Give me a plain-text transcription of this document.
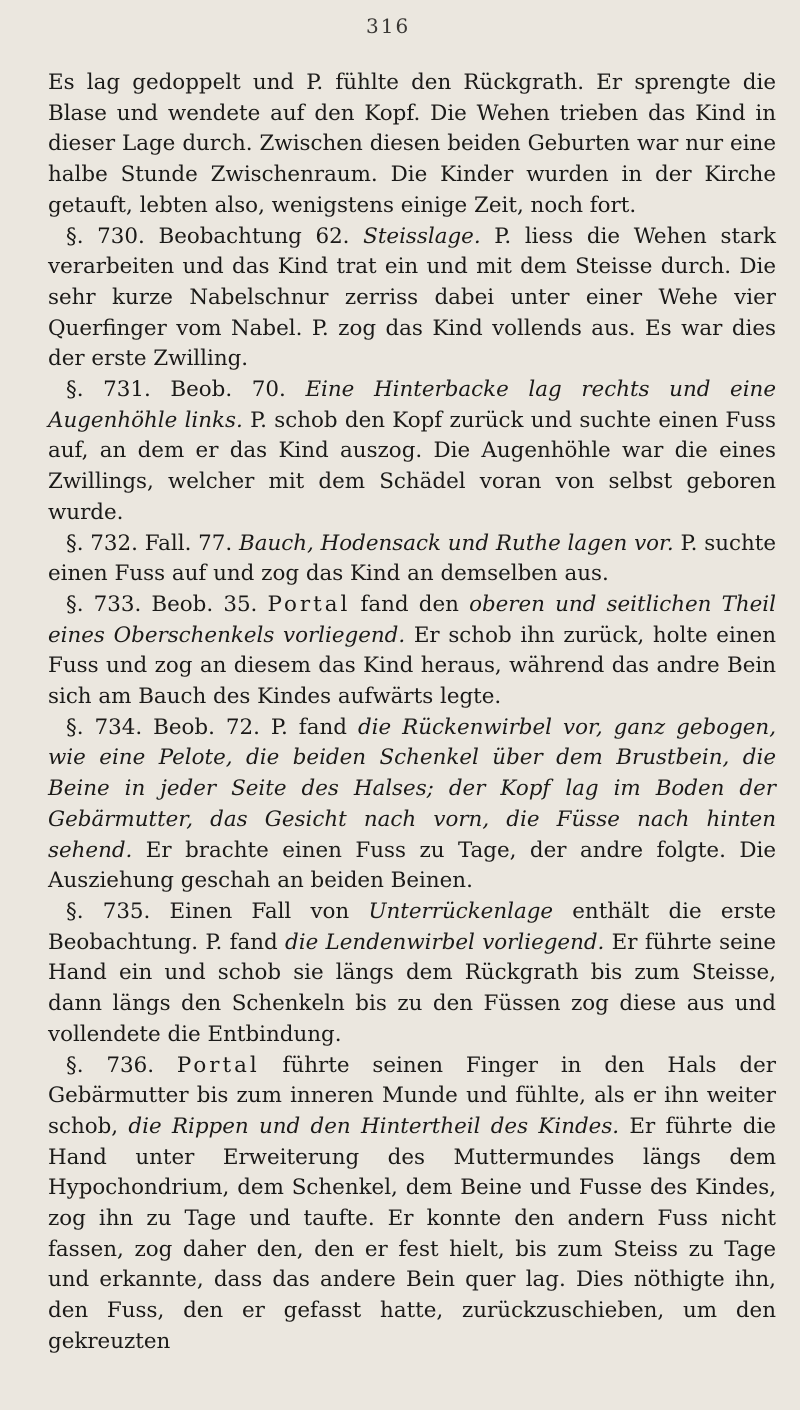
316

Es lag gedoppelt und P. fühlte den Rückgrath. Er sprengte die Blase und wendete auf den Kopf. Die Wehen trieben das Kind in dieser Lage durch. Zwischen diesen beiden Geburten war nur eine halbe Stunde Zwischenraum. Die Kinder wurden in der Kirche getauft, lebten also, wenigstens einige Zeit, noch fort.

§. 730. Beobachtung 62. Steisslage. P. liess die Wehen stark verarbeiten und das Kind trat ein und mit dem Steisse durch. Die sehr kurze Nabelschnur zerriss dabei unter einer Wehe vier Querfinger vom Nabel. P. zog das Kind vollends aus. Es war dies der erste Zwilling.

§. 731. Beob. 70. Eine Hinterbacke lag rechts und eine Augenhöhle links. P. schob den Kopf zurück und suchte einen Fuss auf, an dem er das Kind auszog. Die Augenhöhle war die eines Zwillings, welcher mit dem Schädel voran von selbst geboren wurde.

§. 732. Fall. 77. Bauch, Hodensack und Ruthe lagen vor. P. suchte einen Fuss auf und zog das Kind an demselben aus.

§. 733. Beob. 35. Portal fand den oberen und seitlichen Theil eines Oberschenkels vorliegend. Er schob ihn zurück, holte einen Fuss und zog an diesem das Kind heraus, während das andre Bein sich am Bauch des Kindes aufwärts legte.

§. 734. Beob. 72. P. fand die Rückenwirbel vor, ganz gebogen, wie eine Pelote, die beiden Schenkel über dem Brustbein, die Beine in jeder Seite des Halses; der Kopf lag im Boden der Gebärmutter, das Gesicht nach vorn, die Füsse nach hinten sehend. Er brachte einen Fuss zu Tage, der andre folgte. Die Ausziehung geschah an beiden Beinen.

§. 735. Einen Fall von Unterrückenlage enthält die erste Beobachtung. P. fand die Lendenwirbel vorliegend. Er führte seine Hand ein und schob sie längs dem Rückgrath bis zum Steisse, dann längs den Schenkeln bis zu den Füssen zog diese aus und vollendete die Entbindung.

§. 736. Portal führte seinen Finger in den Hals der Gebärmutter bis zum inneren Munde und fühlte, als er ihn weiter schob, die Rippen und den Hintertheil des Kindes. Er führte die Hand unter Erweiterung des Muttermundes längs dem Hypochondrium, dem Schenkel, dem Beine und Fusse des Kindes, zog ihn zu Tage und taufte. Er konnte den andern Fuss nicht fassen, zog daher den, den er fest hielt, bis zum Steiss zu Tage und erkannte, dass das andere Bein quer lag. Dies nöthigte ihn, den Fuss, den er gefasst hatte, zurückzuschieben, um den gekreuzten
